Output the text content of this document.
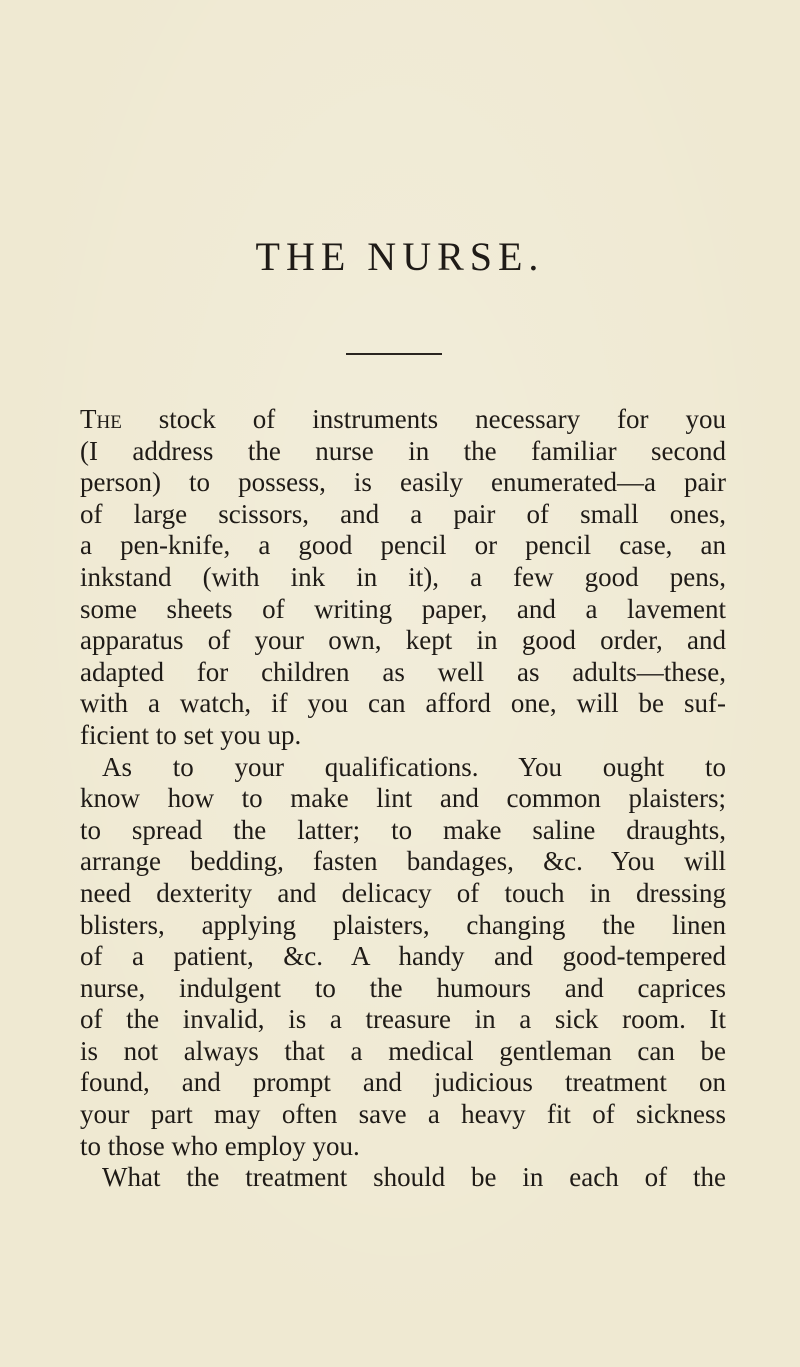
THE NURSE.
The stock of instruments necessary for you
(I address the nurse in the familiar second
person) to possess, is easily enumerated—a pair
of large scissors, and a pair of small ones,
a pen-knife, a good pencil or pencil case, an
inkstand (with ink in it), a few good pens,
some sheets of writing paper, and a lavement
apparatus of your own, kept in good order, and
adapted for children as well as adults—these,
with a watch, if you can afford one, will be suf-
ficient to set you up.
As to your qualifications. You ought to
know how to make lint and common plaisters;
to spread the latter; to make saline draughts,
arrange bedding, fasten bandages, &c. You will
need dexterity and delicacy of touch in dressing
blisters, applying plaisters, changing the linen
of a patient, &c. A handy and good-tempered
nurse, indulgent to the humours and caprices
of the invalid, is a treasure in a sick room. It
is not always that a medical gentleman can be
found, and prompt and judicious treatment on
your part may often save a heavy fit of sickness
to those who employ you.
What the treatment should be in each of the
